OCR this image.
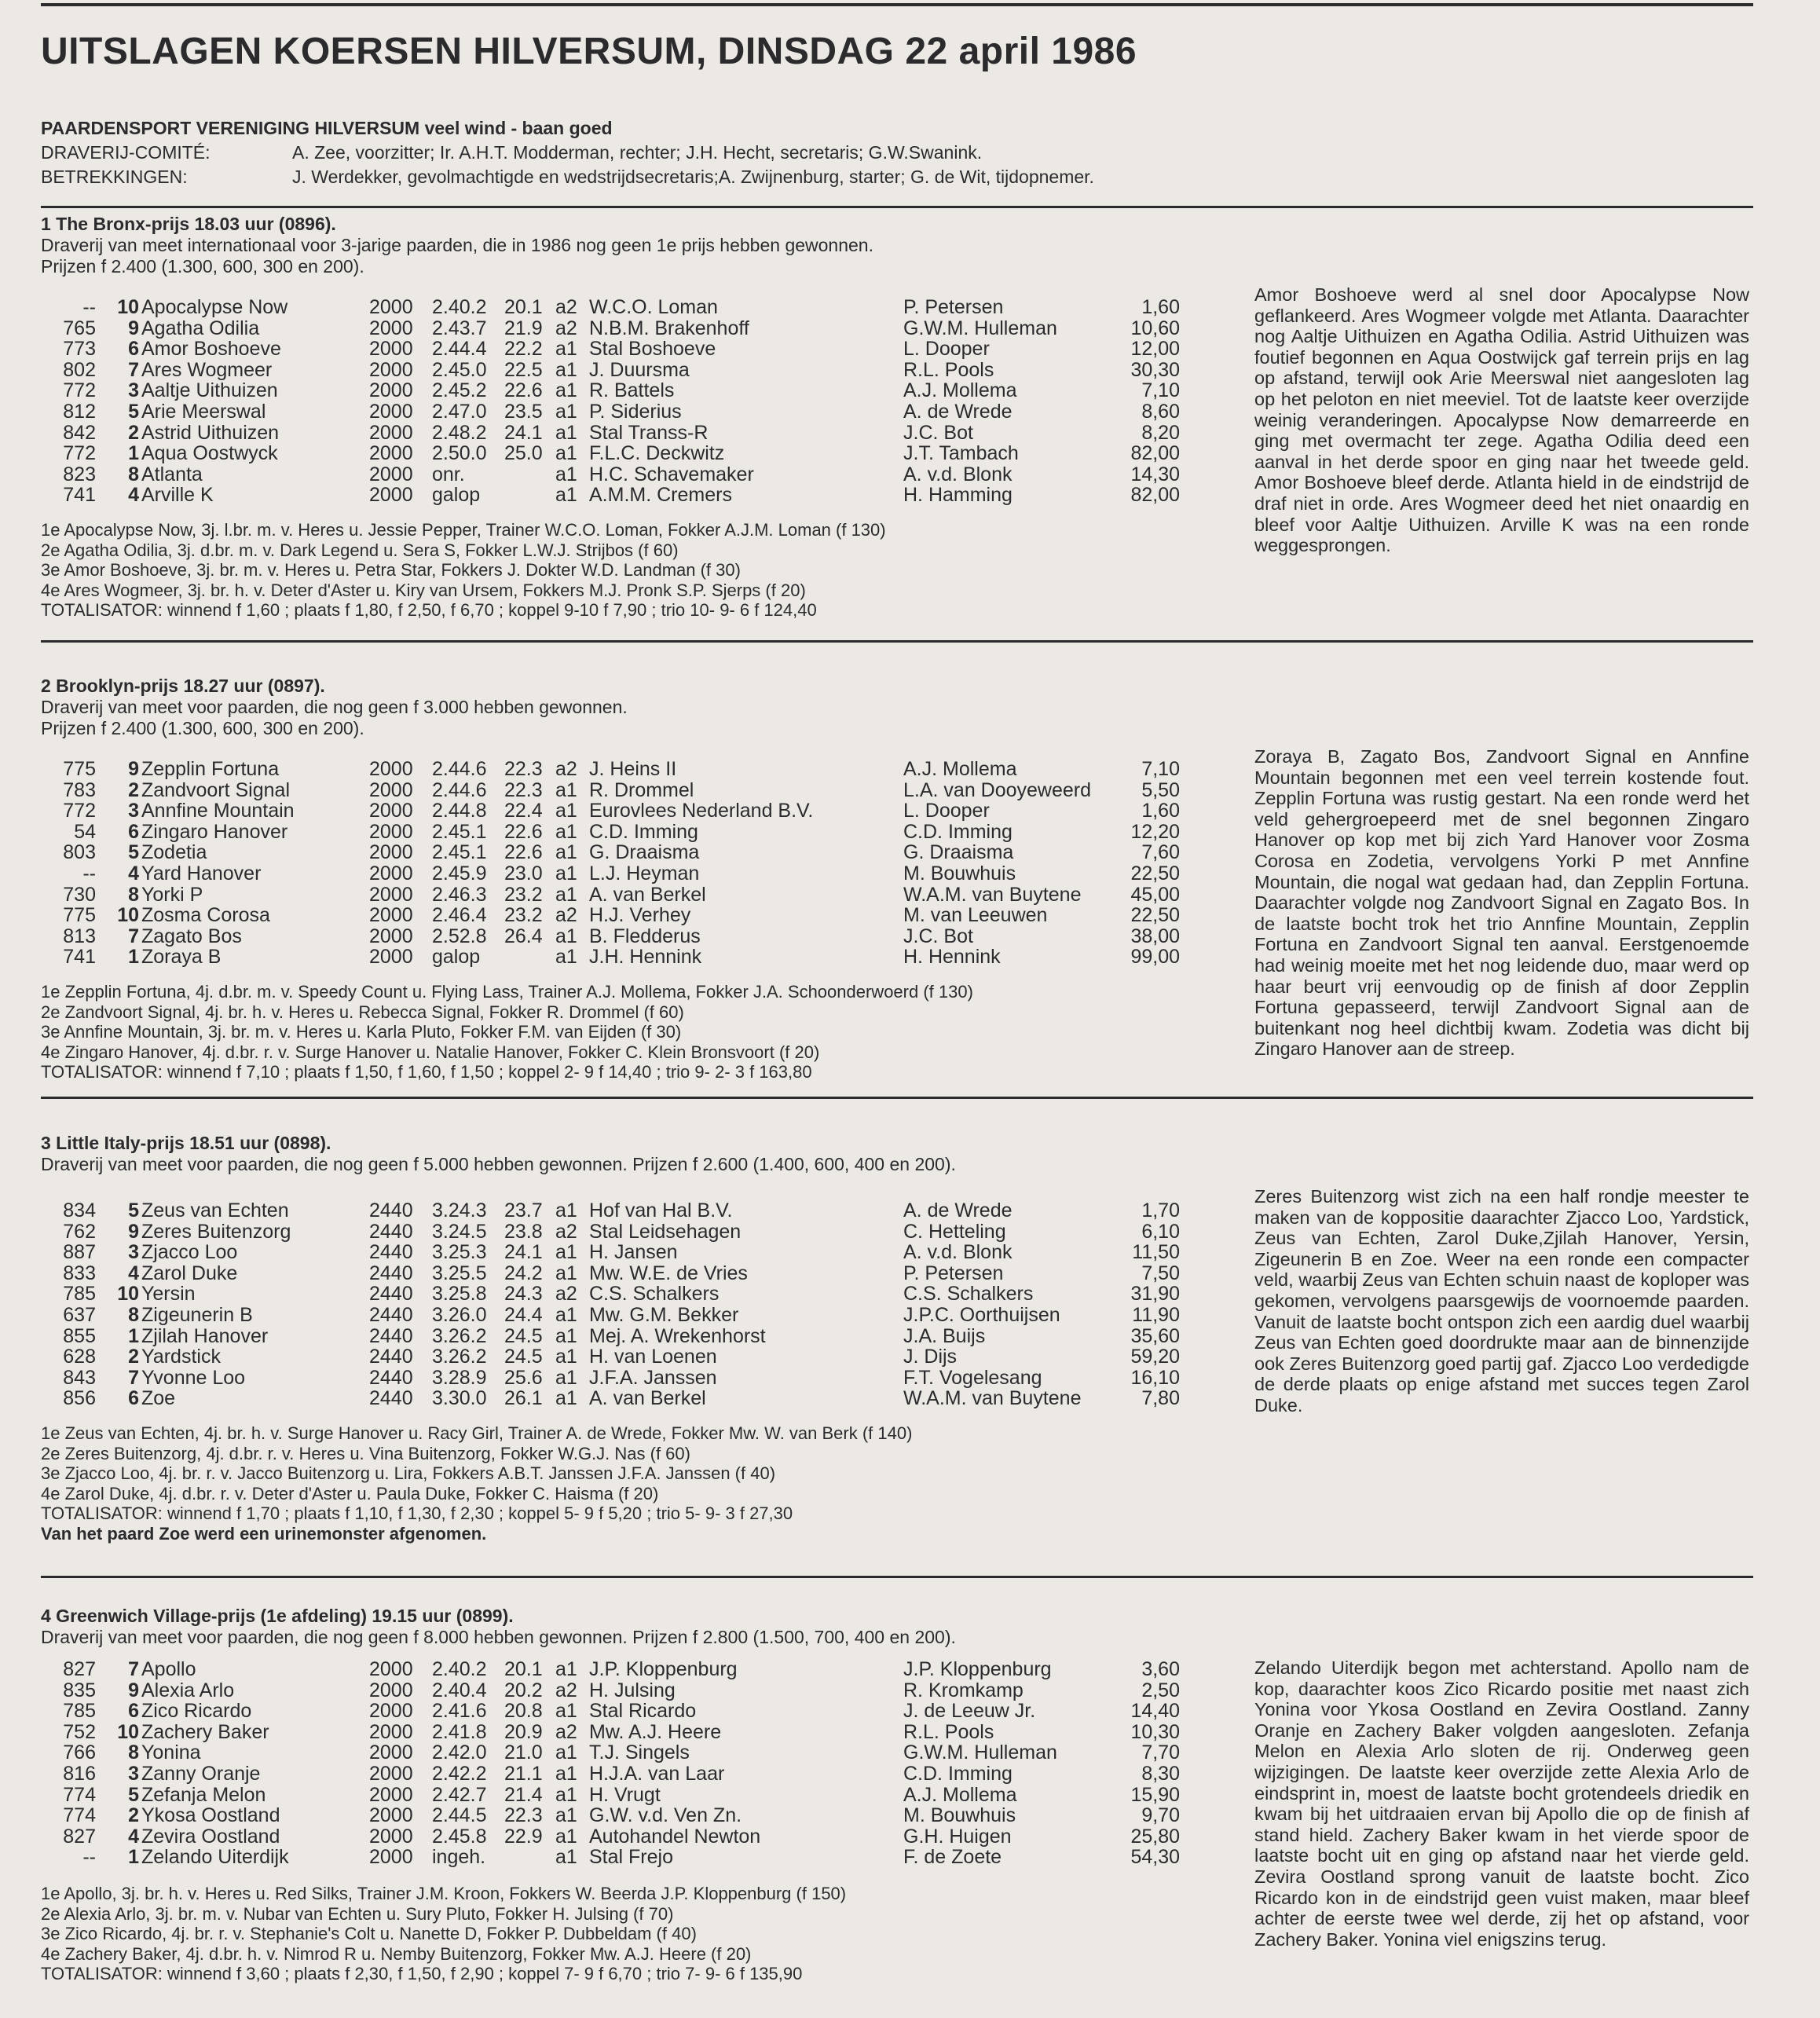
UITSLAGEN KOERSEN HILVERSUM, DINSDAG 22 april 1986
PAARDENSPORT VERENIGING HILVERSUM veel wind - baan goed
DRAVERIJ-COMITÉ:	A. Zee, voorzitter; Ir. A.H.T. Modderman, rechter; J.H. Hecht, secretaris; G.W.Swanink.
BETREKKINGEN:	J. Werdekker, gevolmachtigde en wedstrijdsecretaris;A. Zwijnenburg, starter; G. de Wit, tijdopnemer.
1 The Bronx-prijs 18.03 uur (0896).
Draverij van meet internationaal voor 3-jarige paarden, die in 1986 nog geen 1e prijs hebben gewonnen.
Prijzen f 2.400 (1.300, 600, 300 en 200).
--	10 Apocalypse Now	2000 2.40.2 20.1 a2 W.C.O. Loman	P. Petersen	1,60
765	9 Agatha Odilia	2000 2.43.7 21.9 a2 N.B.M. Brakenhoff	G.W.M. Hulleman	10,60
773	6 Amor Boshoeve	2000 2.44.4 22.2 a1 Stal Boshoeve	L. Dooper	12,00
802	7 Ares Wogmeer	2000 2.45.0 22.5 a1 J. Duursma	R.L. Pools	30,30
772	3 Aaltje Uithuizen	2000 2.45.2 22.6 a1 R. Battels	A.J. Mollema	7,10
812	5 Arie Meerswal	2000 2.47.0 23.5 a1 P. Siderius	A. de Wrede	8,60
842	2 Astrid Uithuizen	2000 2.48.2 24.1 a1 Stal Transs-R	J.C. Bot	8,20
772	1 Aqua Oostwyck	2000 2.50.0 25.0 a1 F.L.C. Deckwitz	J.T. Tambach	82,00
823	8 Atlanta	2000 onr.	a1 H.C. Schavemaker	A. v.d. Blonk	14,30
741	4 Arville K	2000 galop	a1 A.M.M. Cremers	H. Hamming	82,00
1e Apocalypse Now, 3j. l.br. m. v. Heres u. Jessie Pepper, Trainer W.C.O. Loman, Fokker A.J.M. Loman (f 130)
2e Agatha Odilia, 3j. d.br. m. v. Dark Legend u. Sera S, Fokker L.W.J. Strijbos (f 60)
3e Amor Boshoeve, 3j. br. m. v. Heres u. Petra Star, Fokkers J. Dokter W.D. Landman (f 30)
4e Ares Wogmeer, 3j. br. h. v. Deter d'Aster u. Kiry van Ursem, Fokkers M.J. Pronk S.P. Sjerps (f 20)
TOTALISATOR: winnend f 1,60 ; plaats f 1,80, f 2,50, f 6,70 ; koppel 9-10 f 7,90 ; trio 10- 9- 6 f 124,40
Amor Boshoeve werd al snel door Apocalypse Now geflankeerd. Ares Wogmeer volgde met Atlanta. Daarachter nog Aaltje Uithuizen en Agatha Odilia. Astrid Uithuizen was foutief begonnen en Aqua Oostwijck gaf terrein prijs en lag op afstand, terwijl ook Arie Meerswal niet aangesloten lag op het peloton en niet meeviel. Tot de laatste keer overzijde weinig veranderingen. Apocalypse Now demarreerde en ging met overmacht ter zege. Agatha Odilia deed een aanval in het derde spoor en ging naar het tweede geld. Amor Boshoeve bleef derde. Atlanta hield in de eindstrijd de draf niet in orde. Ares Wogmeer deed het niet onaardig en bleef voor Aaltje Uithuizen. Arville K was na een ronde weggesprongen.
2 Brooklyn-prijs 18.27 uur (0897).
Draverij van meet voor paarden, die nog geen f 3.000 hebben gewonnen.
Prijzen f 2.400 (1.300, 600, 300 en 200).
775	9 Zepplin Fortuna	2000 2.44.6 22.3 a2 J. Heins II	A.J. Mollema	7,10
783	2 Zandvoort Signal	2000 2.44.6 22.3 a1 R. Drommel	L.A. van Dooyeweerd	5,50
772	3 Annfine Mountain	2000 2.44.8 22.4 a1 Eurovlees Nederland B.V.	L. Dooper	1,60
54	6 Zingaro Hanover	2000 2.45.1 22.6 a1 C.D. Imming	C.D. Imming	12,20
803	5 Zodetia	2000 2.45.1 22.6 a1 G. Draaisma	G. Draaisma	7,60
--	4 Yard Hanover	2000 2.45.9 23.0 a1 L.J. Heyman	M. Bouwhuis	22,50
730	8 Yorki P	2000 2.46.3 23.2 a1 A. van Berkel	W.A.M. van Buytene	45,00
775	10 Zosma Corosa	2000 2.46.4 23.2 a2 H.J. Verhey	M. van Leeuwen	22,50
813	7 Zagato Bos	2000 2.52.8 26.4 a1 B. Fledderus	J.C. Bot	38,00
741	1 Zoraya B	2000 galop	a1 J.H. Hennink	H. Hennink	99,00
1e Zepplin Fortuna, 4j. d.br. m. v. Speedy Count u. Flying Lass, Trainer A.J. Mollema, Fokker J.A. Schoonderwoerd (f 130)
2e Zandvoort Signal, 4j. br. h. v. Heres u. Rebecca Signal, Fokker R. Drommel (f 60)
3e Annfine Mountain, 3j. br. m. v. Heres u. Karla Pluto, Fokker F.M. van Eijden (f 30)
4e Zingaro Hanover, 4j. d.br. r. v. Surge Hanover u. Natalie Hanover, Fokker C. Klein Bronsvoort (f 20)
TOTALISATOR: winnend f 7,10 ; plaats f 1,50, f 1,60, f 1,50 ; koppel 2- 9 f 14,40 ; trio 9- 2- 3 f 163,80
Zoraya B, Zagato Bos, Zandvoort Signal en Annfine Mountain begonnen met een veel terrein kostende fout. Zepplin Fortuna was rustig gestart. Na een ronde werd het veld gehergroepeerd met de snel begonnen Zingaro Hanover op kop met bij zich Yard Hanover voor Zosma Corosa en Zodetia, vervolgens Yorki P met Annfine Mountain, die nogal wat gedaan had, dan Zepplin Fortuna. Daarachter volgde nog Zandvoort Signal en Zagato Bos. In de laatste bocht trok het trio Annfine Mountain, Zepplin Fortuna en Zandvoort Signal ten aanval. Eerstgenoemde had weinig moeite met het nog leidende duo, maar werd op haar beurt vrij eenvoudig op de finish af door Zepplin Fortuna gepasseerd, terwijl Zandvoort Signal aan de buitenkant nog heel dichtbij kwam. Zodetia was dicht bij Zingaro Hanover aan de streep.
3 Little Italy-prijs 18.51 uur (0898).
Draverij van meet voor paarden, die nog geen f 5.000 hebben gewonnen. Prijzen f 2.600 (1.400, 600, 400 en 200).
834	5 Zeus van Echten	2440 3.24.3 23.7 a1 Hof van Hal B.V.	A. de Wrede	1,70
762	9 Zeres Buitenzorg	2440 3.24.5 23.8 a2 Stal Leidsehagen	C. Hetteling	6,10
887	3 Zjacco Loo	2440 3.25.3 24.1 a1 H. Jansen	A. v.d. Blonk	11,50
833	4 Zarol Duke	2440 3.25.5 24.2 a1 Mw. W.E. de Vries	P. Petersen	7,50
785	10 Yersin	2440 3.25.8 24.3 a2 C.S. Schalkers	C.S. Schalkers	31,90
637	8 Zigeunerin B	2440 3.26.0 24.4 a1 Mw. G.M. Bekker	J.P.C. Oorthuijsen	11,90
855	1 Zjilah Hanover	2440 3.26.2 24.5 a1 Mej. A. Wrekenhorst	J.A. Buijs	35,60
628	2 Yardstick	2440 3.26.2 24.5 a1 H. van Loenen	J. Dijs	59,20
843	7 Yvonne Loo	2440 3.28.9 25.6 a1 J.F.A. Janssen	F.T. Vogelesang	16,10
856	6 Zoe	2440 3.30.0 26.1 a1 A. van Berkel	W.A.M. van Buytene	7,80
1e Zeus van Echten, 4j. br. h. v. Surge Hanover u. Racy Girl, Trainer A. de Wrede, Fokker Mw. W. van Berk (f 140)
2e Zeres Buitenzorg, 4j. d.br. r. v. Heres u. Vina Buitenzorg, Fokker W.G.J. Nas (f 60)
3e Zjacco Loo, 4j. br. r. v. Jacco Buitenzorg u. Lira, Fokkers A.B.T. Janssen J.F.A. Janssen (f 40)
4e Zarol Duke, 4j. d.br. r. v. Deter d'Aster u. Paula Duke, Fokker C. Haisma (f 20)
TOTALISATOR: winnend f 1,70 ; plaats f 1,10, f 1,30, f 2,30 ; koppel 5- 9 f 5,20 ; trio 5- 9- 3 f 27,30
Van het paard Zoe werd een urinemonster afgenomen.
Zeres Buitenzorg wist zich na een half rondje meester te maken van de koppositie daarachter Zjacco Loo, Yardstick, Zeus van Echten, Zarol Duke,Zjilah Hanover, Yersin, Zigeunerin B en Zoe. Weer na een ronde een compacter veld, waarbij Zeus van Echten schuin naast de koploper was gekomen, vervolgens paarsgewijs de voornoemde paarden. Vanuit de laatste bocht ontspon zich een aardig duel waarbij Zeus van Echten goed doordrukte maar aan de binnenzijde ook Zeres Buitenzorg goed partij gaf. Zjacco Loo verdedigde de derde plaats op enige afstand met succes tegen Zarol Duke.
4 Greenwich Village-prijs (1e afdeling) 19.15 uur (0899).
Draverij van meet voor paarden, die nog geen f 8.000 hebben gewonnen. Prijzen f 2.800 (1.500, 700, 400 en 200).
827	7 Apollo	2000 2.40.2 20.1 a1 J.P. Kloppenburg	J.P. Kloppenburg	3,60
835	9 Alexia Arlo	2000 2.40.4 20.2 a2 H. Julsing	R. Kromkamp	2,50
785	6 Zico Ricardo	2000 2.41.6 20.8 a1 Stal Ricardo	J. de Leeuw Jr.	14,40
752	10 Zachery Baker	2000 2.41.8 20.9 a2 Mw. A.J. Heere	R.L. Pools	10,30
766	8 Yonina	2000 2.42.0 21.0 a1 T.J. Singels	G.W.M. Hulleman	7,70
816	3 Zanny Oranje	2000 2.42.2 21.1 a1 H.J.A. van Laar	C.D. Imming	8,30
774	5 Zefanja Melon	2000 2.42.7 21.4 a1 H. Vrugt	A.J. Mollema	15,90
774	2 Ykosa Oostland	2000 2.44.5 22.3 a1 G.W. v.d. Ven Zn.	M. Bouwhuis	9,70
827	4 Zevira Oostland	2000 2.45.8 22.9 a1 Autohandel Newton	G.H. Huigen	25,80
--	1 Zelando Uiterdijk	2000 ingeh.	a1 Stal Frejo	F. de Zoete	54,30
1e Apollo, 3j. br. h. v. Heres u. Red Silks, Trainer J.M. Kroon, Fokkers W. Beerda J.P. Kloppenburg (f 150)
2e Alexia Arlo, 3j. br. m. v. Nubar van Echten u. Sury Pluto, Fokker H. Julsing (f 70)
3e Zico Ricardo, 4j. br. r. v. Stephanie's Colt u. Nanette D, Fokker P. Dubbeldam (f 40)
4e Zachery Baker, 4j. d.br. h. v. Nimrod R u. Nemby Buitenzorg, Fokker Mw. A.J. Heere (f 20)
TOTALISATOR: winnend f 3,60 ; plaats f 2,30, f 1,50, f 2,90 ; koppel 7- 9 f 6,70 ; trio 7- 9- 6 f 135,90
Zelando Uiterdijk begon met achterstand. Apollo nam de kop, daarachter koos Zico Ricardo positie met naast zich Yonina voor Ykosa Oostland en Zevira Oostland. Zanny Oranje en Zachery Baker volgden aangesloten. Zefanja Melon en Alexia Arlo sloten de rij. Onderweg geen wijzigingen. De laatste keer overzijde zette Alexia Arlo de eindsprint in, moest de laatste bocht grotendeels driedik en kwam bij het uitdraaien ervan bij Apollo die op de finish af stand hield. Zachery Baker kwam in het vierde spoor de laatste bocht uit en ging op afstand naar het vierde geld. Zevira Oostland sprong vanuit de laatste bocht. Zico Ricardo kon in de eindstrijd geen vuist maken, maar bleef achter de eerste twee wel derde, zij het op afstand, voor Zachery Baker. Yonina viel enigszins terug.
